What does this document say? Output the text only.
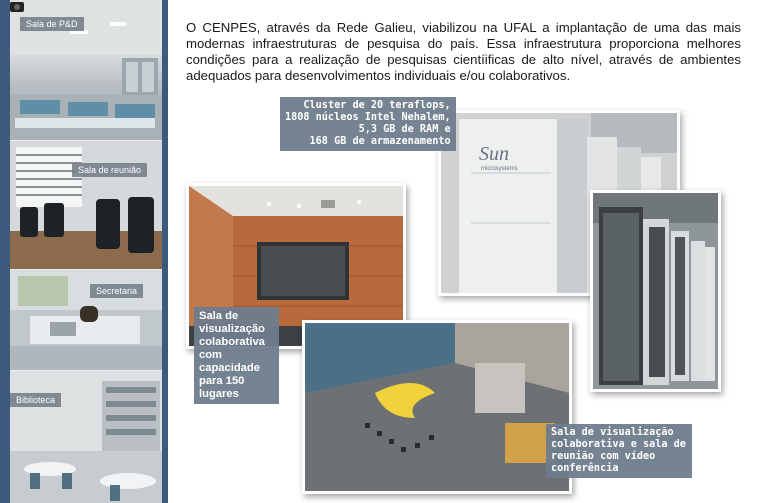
Sala de P&D
Sala de reunião
Secretaria
Biblioteca
O CENPES, através da Rede Galieu, viabilizou na UFAL a implantação de uma das mais modernas infraestruturas de pesquisa do país. Essa infraestrutura proporciona melhores condições para a realização de pesquisas cientíificas de alto nível, através de ambientes adequados para desenvolvimentos individuais e/ou colaborativos.
Sun
microsystems
Cluster de 20 teraflops,
1808 núcleos Intel Nehalem,
5,3 GB de RAM e
168 GB de armazenamento
Sala de
visualização
colaborativa
com
capacidade
para 150
lugares
Sala de visualização
colaborativa e sala de
reunião com vídeo
conferência
